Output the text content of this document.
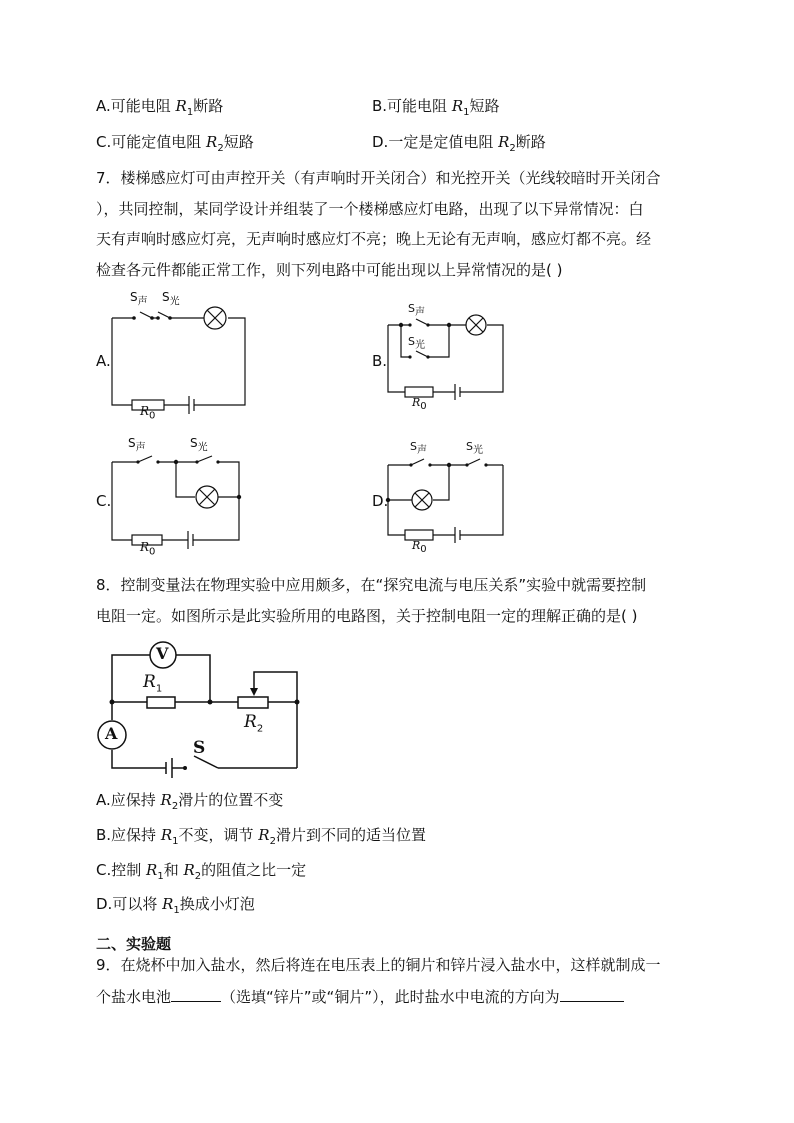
A.可能电阻 $R_1$断路	B.可能电阻 $R_1$短路
C.可能定值电阻 $R_2$短路	D.一定是定值电阻 $R_2$断路
7．楼梯感应灯可由声控开关（有声响时开关闭合）和光控开关（光线较暗时开关闭合
），共同控制，某同学设计并组装了一个楼梯感应灯电路，出现了以下异常情况：白
天有声响时感应灯亮，无声响时感应灯不亮；晚上无论有无声响，感应灯都不亮。经
检查各元件都能正常工作，则下列电路中可能出现以上异常情况的是( )
A.
$S_声$ $S_光$
$R_0$
B.
$S_声$
$S_光$
$R_0$
C.
$S_声$	$S_光$
$R_0$
D.
$S_声$	$S_光$
$R_0$
8．控制变量法在物理实验中应用颇多，在“探究电流与电压关系”实验中就需要控制
电阻一定。如图所示是此实验所用的电路图，关于控制电阻一定的理解正确的是( )
V
A
S
$R_1$
$R_2$
A.应保持 $R_2$滑片的位置不变
B.应保持 $R_1$不变，调节 $R_2$滑片到不同的适当位置
C.控制 $R_1$和 $R_2$的阻值之比一定
D.可以将 $R_1$换成小灯泡
二、实验题
9．在烧杯中加入盐水，然后将连在电压表上的铜片和锌片浸入盐水中，这样就制成一
个盐水电池	（选填“锌片”或“铜片”），此时盐水中电流的方向为
